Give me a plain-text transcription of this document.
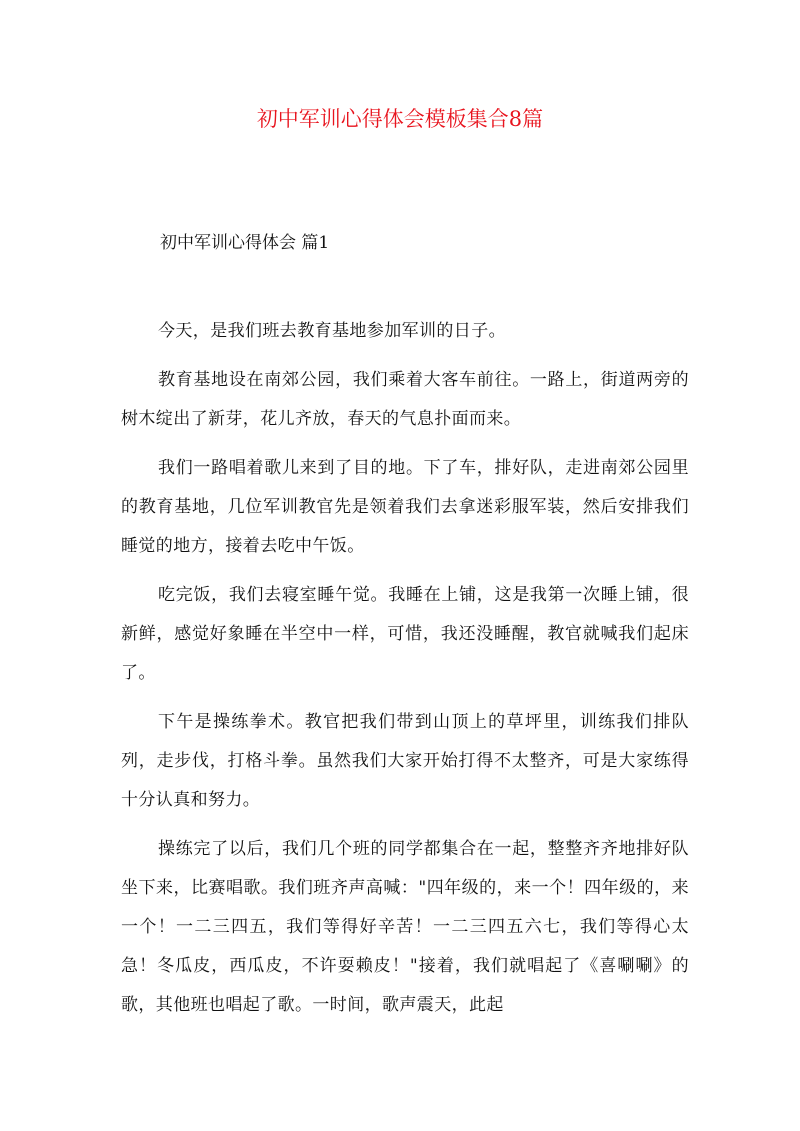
初中军训心得体会模板集合8篇
初中军训心得体会 篇1

今天，是我们班去教育基地参加军训的日子。

教育基地设在南郊公园，我们乘着大客车前往。一路上，街道两旁的树木绽出了新芽，花儿齐放，春天的气息扑面而来。

我们一路唱着歌儿来到了目的地。下了车，排好队，走进南郊公园里的教育基地，几位军训教官先是领着我们去拿迷彩服军装，然后安排我们睡觉的地方，接着去吃中午饭。

吃完饭，我们去寝室睡午觉。我睡在上铺，这是我第一次睡上铺，很新鲜，感觉好象睡在半空中一样，可惜，我还没睡醒，教官就喊我们起床了。

下午是操练拳术。教官把我们带到山顶上的草坪里，训练我们排队列，走步伐，打格斗拳。虽然我们大家开始打得不太整齐，可是大家练得十分认真和努力。

操练完了以后，我们几个班的同学都集合在一起，整整齐齐地排好队坐下来，比赛唱歌。我们班齐声高喊："四年级的，来一个！四年级的，来一个！一二三四五，我们等得好辛苦！一二三四五六七，我们等得心太急！冬瓜皮，西瓜皮，不许耍赖皮！"接着，我们就唱起了《喜唰唰》的歌，其他班也唱起了歌。一时间，歌声震天，此起
